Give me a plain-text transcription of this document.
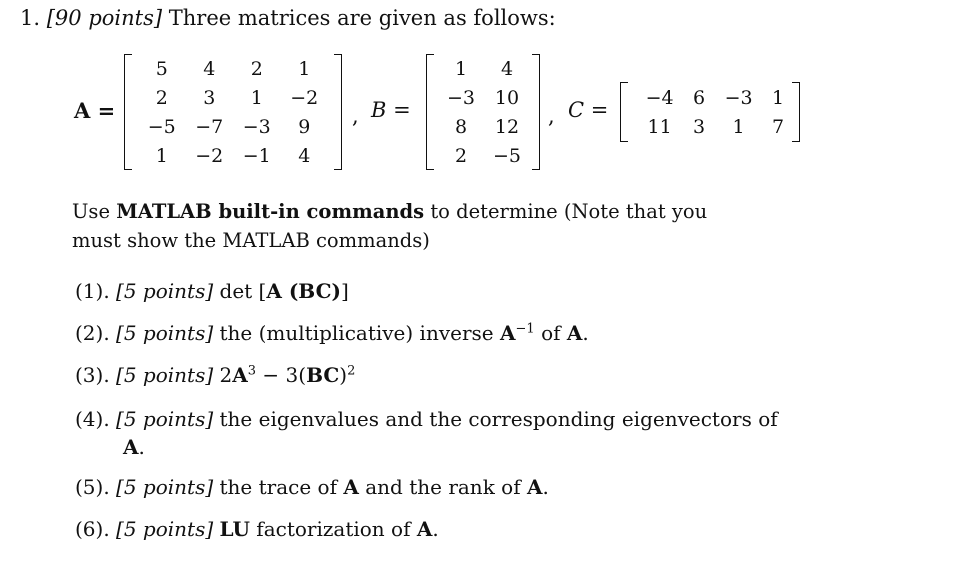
1. [90 points] Three matrices are given as follows:
A =
5	4	2	1
2	3	1	−2
−5	−7	−3	9
1	−2	−1	4
, B =
1	4
−3	10
8	12
2	−5
, C =
−4	6	−3	1
11	3	1	7
Use MATLAB built-in commands to determine (Note that you
must show the MATLAB commands)
(1). [5 points] det [A (BC)]
(2). [5 points] the (multiplicative) inverse $A^{-1}$ of A.
(3). [5 points] $2A^3 - 3(BC)^2$
(4). [5 points] the eigenvalues and the corresponding eigenvectors of
A.
(5). [5 points] the trace of A and the rank of A.
(6). [5 points] LU factorization of A.
